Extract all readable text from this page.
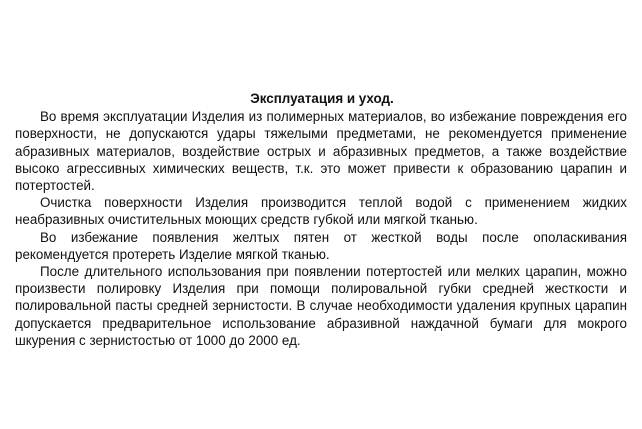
Эксплуатация и уход.

Во время эксплуатации Изделия из полимерных материалов, во избежание повреждения его поверхности, не допускаются удары тяжелыми предметами, не рекомендуется применение абразивных материалов, воздействие острых и абразивных предметов, а также воздействие высоко агрессивных химических веществ, т.к. это может привести к образованию царапин и потертостей.

Очистка поверхности Изделия производится теплой водой с применением жидких неабразивных очистительных моющих средств губкой или мягкой тканью.

Во избежание появления желтых пятен от жесткой воды после ополаскивания рекомендуется протереть Изделие мягкой тканью.

После длительного использования при появлении потертостей или мелких царапин, можно произвести полировку Изделия при помощи полировальной губки средней жесткости и полировальной пасты средней зернистости. В случае необходимости удаления крупных царапин допускается предварительное использование абразивной наждачной бумаги для мокрого шкурения с зернистостью от 1000 до 2000 ед.
